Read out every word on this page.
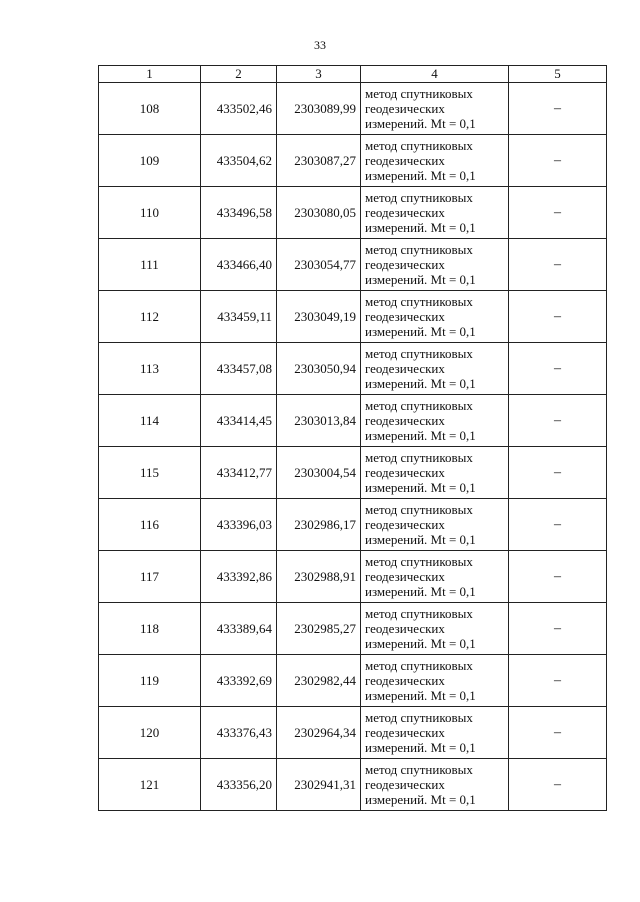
33
1	2	3	4	5
108	433502,46	2303089,99	метод спутниковых
геодезических
измерений. Mt = 0,1	–
109	433504,62	2303087,27	метод спутниковых
геодезических
измерений. Mt = 0,1	–
110	433496,58	2303080,05	метод спутниковых
геодезических
измерений. Mt = 0,1	–
111	433466,40	2303054,77	метод спутниковых
геодезических
измерений. Mt = 0,1	–
112	433459,11	2303049,19	метод спутниковых
геодезических
измерений. Mt = 0,1	–
113	433457,08	2303050,94	метод спутниковых
геодезических
измерений. Mt = 0,1	–
114	433414,45	2303013,84	метод спутниковых
геодезических
измерений. Mt = 0,1	–
115	433412,77	2303004,54	метод спутниковых
геодезических
измерений. Mt = 0,1	–
116	433396,03	2302986,17	метод спутниковых
геодезических
измерений. Mt = 0,1	–
117	433392,86	2302988,91	метод спутниковых
геодезических
измерений. Mt = 0,1	–
118	433389,64	2302985,27	метод спутниковых
геодезических
измерений. Mt = 0,1	–
119	433392,69	2302982,44	метод спутниковых
геодезических
измерений. Mt = 0,1	–
120	433376,43	2302964,34	метод спутниковых
геодезических
измерений. Mt = 0,1	–
121	433356,20	2302941,31	метод спутниковых
геодезических
измерений. Mt = 0,1	–
